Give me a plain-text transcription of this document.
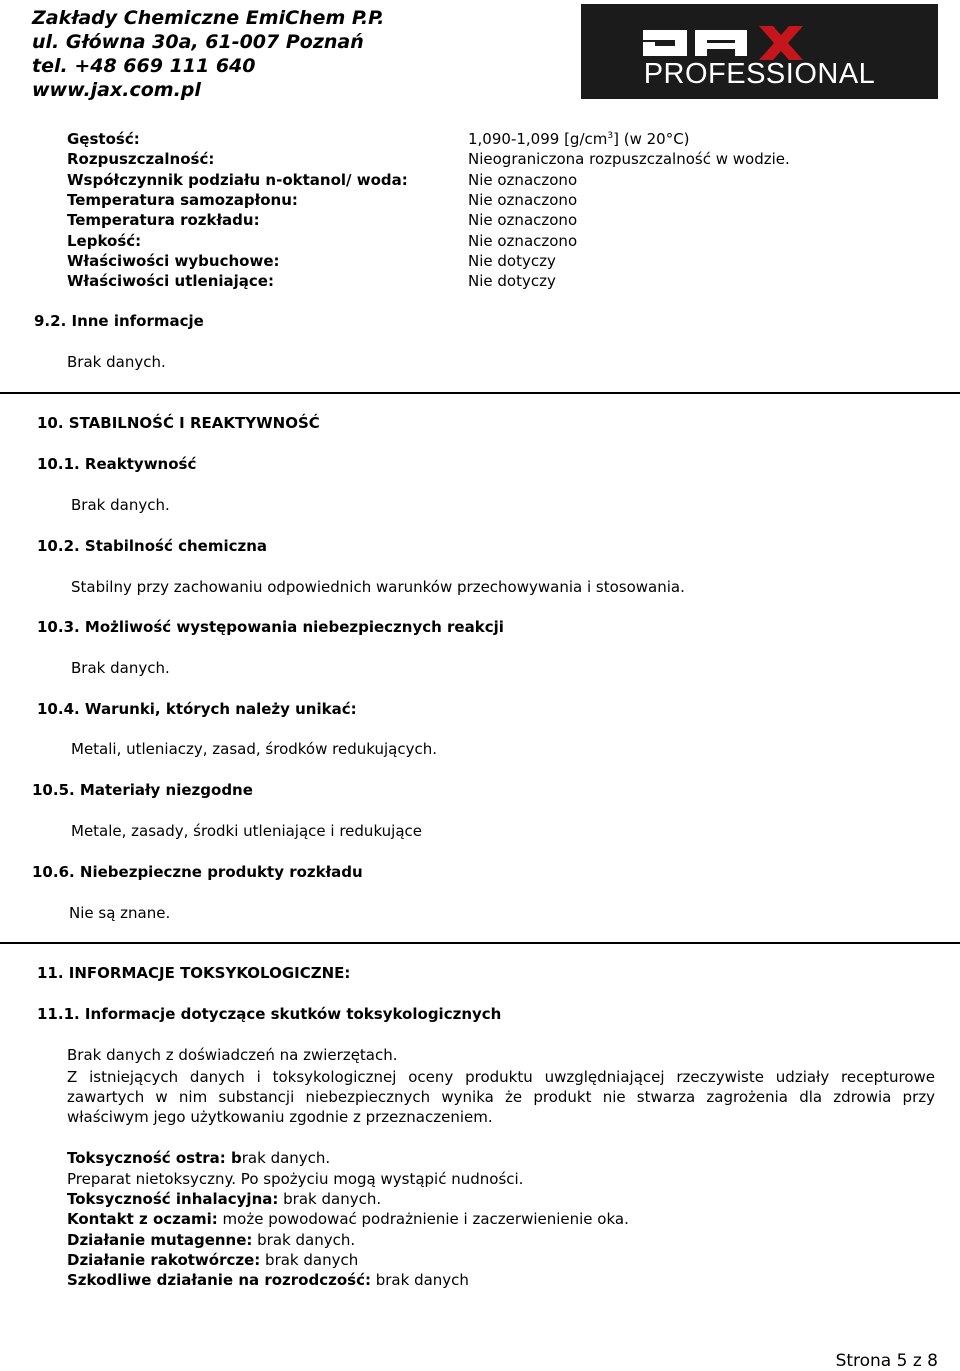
Zakłady Chemiczne EmiChem P.P.
ul. Główna 30a, 61-007 Poznań
tel. +48 669 111 640
www.jax.com.pl	PROFESSIONAL
Gęstość:	1,090-1,099 $[g/cm^3]$ (w 20°C)
Rozpuszczalność:	Nieograniczona rozpuszczalność w wodzie.
Współczynnik podziału n-oktanol/ woda:	Nie oznaczono
Temperatura samozapłonu:	Nie oznaczono
Temperatura rozkładu:	Nie oznaczono
Lepkość:	Nie oznaczono
Właściwości wybuchowe:	Nie dotyczy
Właściwości utleniające:	Nie dotyczy
9.2. Inne informacje
Brak danych.
10. STABILNOŚĆ I REAKTYWNOŚĆ
10.1. Reaktywność
Brak danych.
10.2. Stabilność chemiczna
Stabilny przy zachowaniu odpowiednich warunków przechowywania i stosowania.
10.3. Możliwość występowania niebezpiecznych reakcji
Brak danych.
10.4. Warunki, których należy unikać:
Metali, utleniaczy, zasad, środków redukujących.
10.5. Materiały niezgodne
Metale, zasady, środki utleniające i redukujące
10.6. Niebezpieczne produkty rozkładu
Nie są znane.
11. INFORMACJE TOKSYKOLOGICZNE:
11.1. Informacje dotyczące skutków toksykologicznych
Brak danych z doświadczeń na zwierzętach.
Z istniejących danych i toksykologicznej oceny produktu uwzględniającej rzeczywiste udziały recepturowe zawartych w nim substancji niebezpiecznych wynika że produkt nie stwarza zagrożenia dla zdrowia przy właściwym jego użytkowaniu zgodnie z przeznaczeniem.
Toksyczność ostra: brak danych.
Preparat nietoksyczny. Po spożyciu mogą wystąpić nudności.
Toksyczność inhalacyjna: brak danych.
Kontakt z oczami: może powodować podrażnienie i zaczerwienienie oka.
Działanie mutagenne: brak danych.
Działanie rakotwórcze: brak danych
Szkodliwe działanie na rozrodczość: brak danych
Strona 5 z 8
